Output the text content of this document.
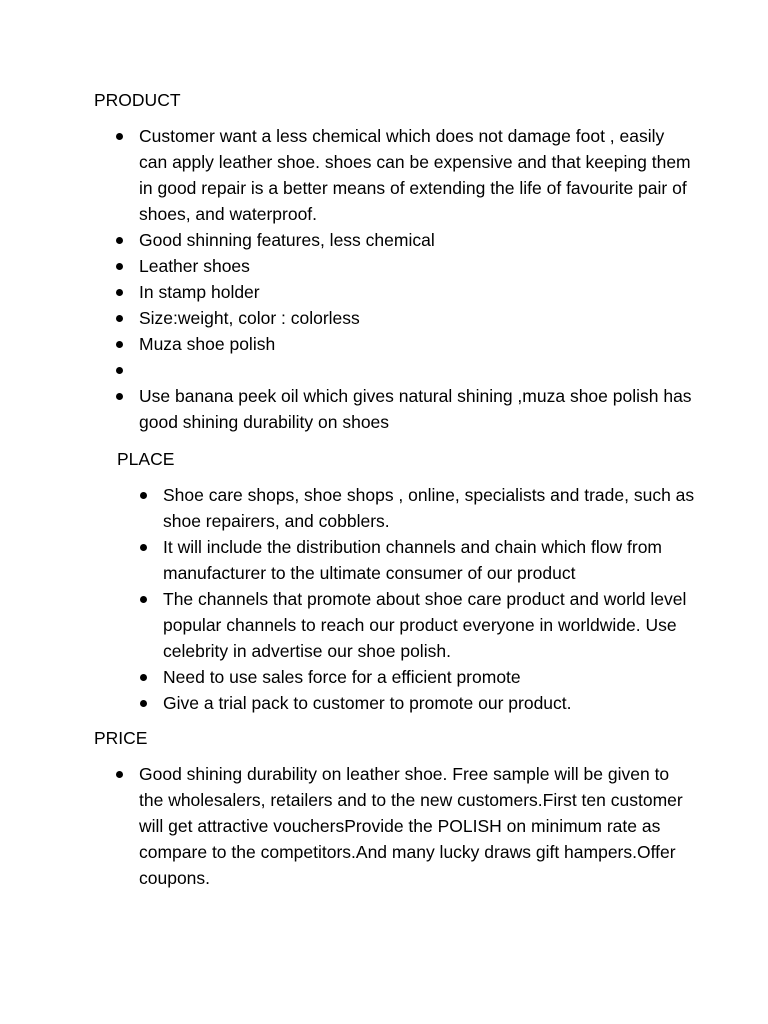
PRODUCT
Customer want a less chemical which does not damage foot , easily can apply leather shoe. shoes can be expensive and that keeping them in good repair is a better means of extending the life of favourite pair of shoes, and waterproof.
Good shinning features, less chemical
Leather shoes
In stamp holder
Size:weight, color : colorless
Muza shoe polish
Use banana peek oil which gives natural shining ,muza shoe polish has good shining durability on shoes
PLACE
Shoe care shops, shoe shops , online, specialists and trade, such as shoe repairers, and cobblers.
It will include the distribution channels and chain which flow from manufacturer to the ultimate consumer of our product
The channels that promote about shoe care product and world level popular channels to reach our product everyone in worldwide. Use celebrity in advertise our shoe polish.
Need to use sales force for a efficient promote
Give a trial pack to customer to promote our product.
PRICE
Good shining durability on leather shoe. Free sample will be given to the wholesalers, retailers and to the new customers.First ten customer will get attractive vouchersProvide the POLISH on minimum rate as compare to the competitors.And many lucky draws gift hampers.Offer coupons.
